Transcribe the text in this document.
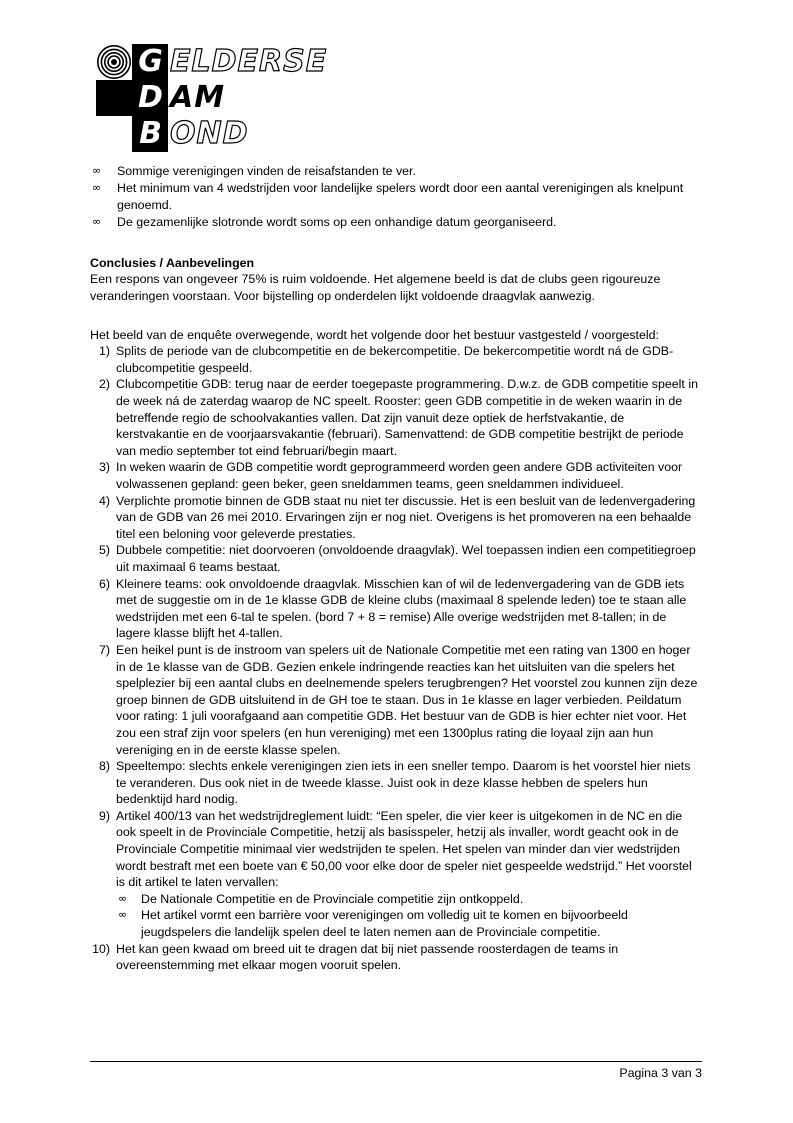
G ELDERSE
D AM
B OND
∞ Sommige verenigingen vinden de reisafstanden te ver.
∞ Het minimum van 4 wedstrijden voor landelijke spelers wordt door een aantal verenigingen als knelpunt genoemd.
∞ De gezamenlijke slotronde wordt soms op een onhandige datum georganiseerd.

Conclusies / Aanbevelingen

Een respons van ongeveer 75% is ruim voldoende. Het algemene beeld is dat de clubs geen rigoureuze veranderingen voorstaan. Voor bijstelling op onderdelen lijkt voldoende draagvlak aanwezig.

Het beeld van de enquête overwegende, wordt het volgende door het bestuur vastgesteld / voorgesteld:

1) Splits de periode van de clubcompetitie en de bekercompetitie. De bekercompetitie wordt ná de GDB-clubcompetitie gespeeld.
2) Clubcompetitie GDB: terug naar de eerder toegepaste programmering. D.w.z. de GDB competitie speelt in de week ná de zaterdag waarop de NC speelt. Rooster: geen GDB competitie in de weken waarin in de betreffende regio de schoolvakanties vallen. Dat zijn vanuit deze optiek de herfstvakantie, de kerstvakantie en de voorjaarsvakantie (februari). Samenvattend: de GDB competitie bestrijkt de periode van medio september tot eind februari/begin maart.
3) In weken waarin de GDB competitie wordt geprogrammeerd worden geen andere GDB activiteiten voor volwassenen gepland: geen beker, geen sneldammen teams, geen sneldammen individueel.
4) Verplichte promotie binnen de GDB staat nu niet ter discussie. Het is een besluit van de ledenvergadering van de GDB van 26 mei 2010. Ervaringen zijn er nog niet. Overigens is het promoveren na een behaalde titel een beloning voor geleverde prestaties.
5) Dubbele competitie: niet doorvoeren (onvoldoende draagvlak). Wel toepassen indien een competitiegroep uit maximaal 6 teams bestaat.
6) Kleinere teams: ook onvoldoende draagvlak. Misschien kan of wil de ledenvergadering van de GDB iets met de suggestie om in de 1e klasse GDB de kleine clubs (maximaal 8 spelende leden) toe te staan alle wedstrijden met een 6-tal te spelen. (bord 7 + 8 = remise) Alle overige wedstrijden met 8-tallen; in de lagere klasse blijft het 4-tallen.
7) Een heikel punt is de instroom van spelers uit de Nationale Competitie met een rating van 1300 en hoger in de 1e klasse van de GDB. Gezien enkele indringende reacties kan het uitsluiten van die spelers het spelplezier bij een aantal clubs en deelnemende spelers terugbrengen? Het voorstel zou kunnen zijn deze groep binnen de GDB uitsluitend in de GH toe te staan. Dus in 1e klasse en lager verbieden. Peildatum voor rating: 1 juli voorafgaand aan competitie GDB. Het bestuur van de GDB is hier echter niet voor. Het zou een straf zijn voor spelers (en hun vereniging) met een 1300plus rating die loyaal zijn aan hun vereniging en in de eerste klasse spelen.
8) Speeltempo: slechts enkele verenigingen zien iets in een sneller tempo. Daarom is het voorstel hier niets te veranderen. Dus ook niet in de tweede klasse. Juist ook in deze klasse hebben de spelers hun bedenktijd hard nodig.
9) Artikel 400/13 van het wedstrijdreglement luidt: “Een speler, die vier keer is uitgekomen in de NC en die ook speelt in de Provinciale Competitie, hetzij als basisspeler, hetzij als invaller, wordt geacht ook in de Provinciale Competitie minimaal vier wedstrijden te spelen. Het spelen van minder dan vier wedstrijden wordt bestraft met een boete van € 50,00 voor elke door de speler niet gespeelde wedstrijd.” Het voorstel is dit artikel te laten vervallen:
∞ De Nationale Competitie en de Provinciale competitie zijn ontkoppeld.
∞ Het artikel vormt een barrière voor verenigingen om volledig uit te komen en bijvoorbeeld jeugdspelers die landelijk spelen deel te laten nemen aan de Provinciale competitie.
10) Het kan geen kwaad om breed uit te dragen dat bij niet passende roosterdagen de teams in overeenstemming met elkaar mogen vooruit spelen.
Pagina 3 van 3
